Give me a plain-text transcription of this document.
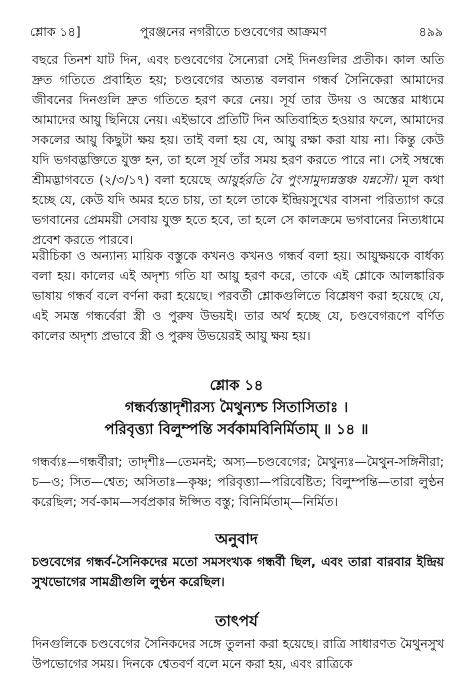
শ্লোক ১৪]	পুরঞ্জনের নগরীতে চণ্ডবেগের আক্রমণ	৪৯৯
বছরে তিনশ যাট দিন, এবং চণ্ডবেগের সৈন্যেরা সেই দিনগুলির প্রতীক। কাল অতি দ্রুত গতিতে প্রবাহিত হয়; চণ্ডবেগের অত্যন্ত বলবান গন্ধর্ব সৈনিকেরা আমাদের জীবনের দিনগুলি দ্রুত গতিতে হরণ করে নেয়। সূর্য তার উদয় ও অস্তের মাধ্যমে আমাদের আয়ু ছিনিয়ে নেয়। এইভাবে প্রতিটি দিন অতিবাহিত হওয়ার ফলে, আমাদের সকলের আয়ু কিছুটা ক্ষয় হয়। তাই বলা হয় যে, আয়ু রক্ষা করা যায় না। কিন্তু কেউ যদি ভগবদ্ভক্তিতে যুক্ত হন, তা হলে সূর্য তাঁর সময় হরণ করতে পারে না। সেই সম্বন্ধে শ্রীমদ্ভাগবতে (২/৩/১৭) বলা হয়েছে আয়ুর্হরতি বৈ পুংসামুদ্যন্নস্তঞ্চ যন্নসৌ। মূল কথা হচ্ছে যে, কেউ যদি অমর হতে চায়, তা হলে তাকে ইন্দ্রিয়সুখের বাসনা পরিত্যাগ করে ভগবানের প্রেমময়ী সেবায় যুক্ত হতে হবে, তা হলে সে কালক্রমে ভগবানের নিত্যধামে প্রবেশ করতে পারবে।
মরীচিকা ও অন্যান্য মায়িক বস্তুকে কখনও কখনও গন্ধর্ব বলা হয়। আয়ুক্ষয়কে বার্ধক্য বলা হয়। কালের এই অদৃশ্য গতি যা আয়ু হরণ করে, তাকে এই শ্লোকে আলঙ্কারিক ভাষায় গন্ধর্ব বলে বর্ণনা করা হয়েছে। পরবর্তী শ্লোকগুলিতে বিশ্লেষণ করা হয়েছে যে, এই সমস্ত গন্ধর্বেরা স্ত্রী ও পুরুষ উভয়ই। তার অর্থ হচ্ছে যে, চণ্ডবেগরূপে বর্ণিত কালের অদৃশ্য প্রভাবে স্ত্রী ও পুরুষ উভয়েরই আয়ু ক্ষয় হয়।
শ্লোক ১৪
গন্ধর্ব্যস্তাদৃশীরস্য মৈথুন্যশ্চ সিতাসিতাঃ ।
পরিবৃত্ত্যা বিলুম্পন্তি সর্বকামবিনির্মিতাম্ ॥ ১৪ ॥
গন্ধর্ব্যঃ—গন্ধর্বীরা; তাদৃশীঃ—তেমনই; অস্য—চণ্ডবেগের; মৈথুন্যঃ—মৈথুন-সঙ্গিনীরা; চ—ও; সিত—শ্বেত; অসিতাঃ—কৃষ্ণ; পরিবৃত্ত্যা—পরিবেষ্টিত; বিলুম্পন্তি—তারা লুণ্ঠন করেছিল; সর্ব-কাম—সর্বপ্রকার ঈপ্সিত বস্তু; বিনির্মিতাম্—নির্মিত।
অনুবাদ
চণ্ডবেগের গন্ধর্ব-সৈনিকদের মতো সমসংখ্যক গন্ধর্বী ছিল, এবং তারা বারবার ইন্দ্রিয় সুখভোগের সামগ্রীগুলি লুণ্ঠন করেছিল।
তাৎপর্য
দিনগুলিকে চণ্ডবেগের সৈনিকদের সঙ্গে তুলনা করা হয়েছে। রাত্রি সাধারণত মৈথুনসুখ উপভোগের সময়। দিনকে শ্বেতবর্ণ বলে মনে করা হয়, এবং রাত্রিকে
